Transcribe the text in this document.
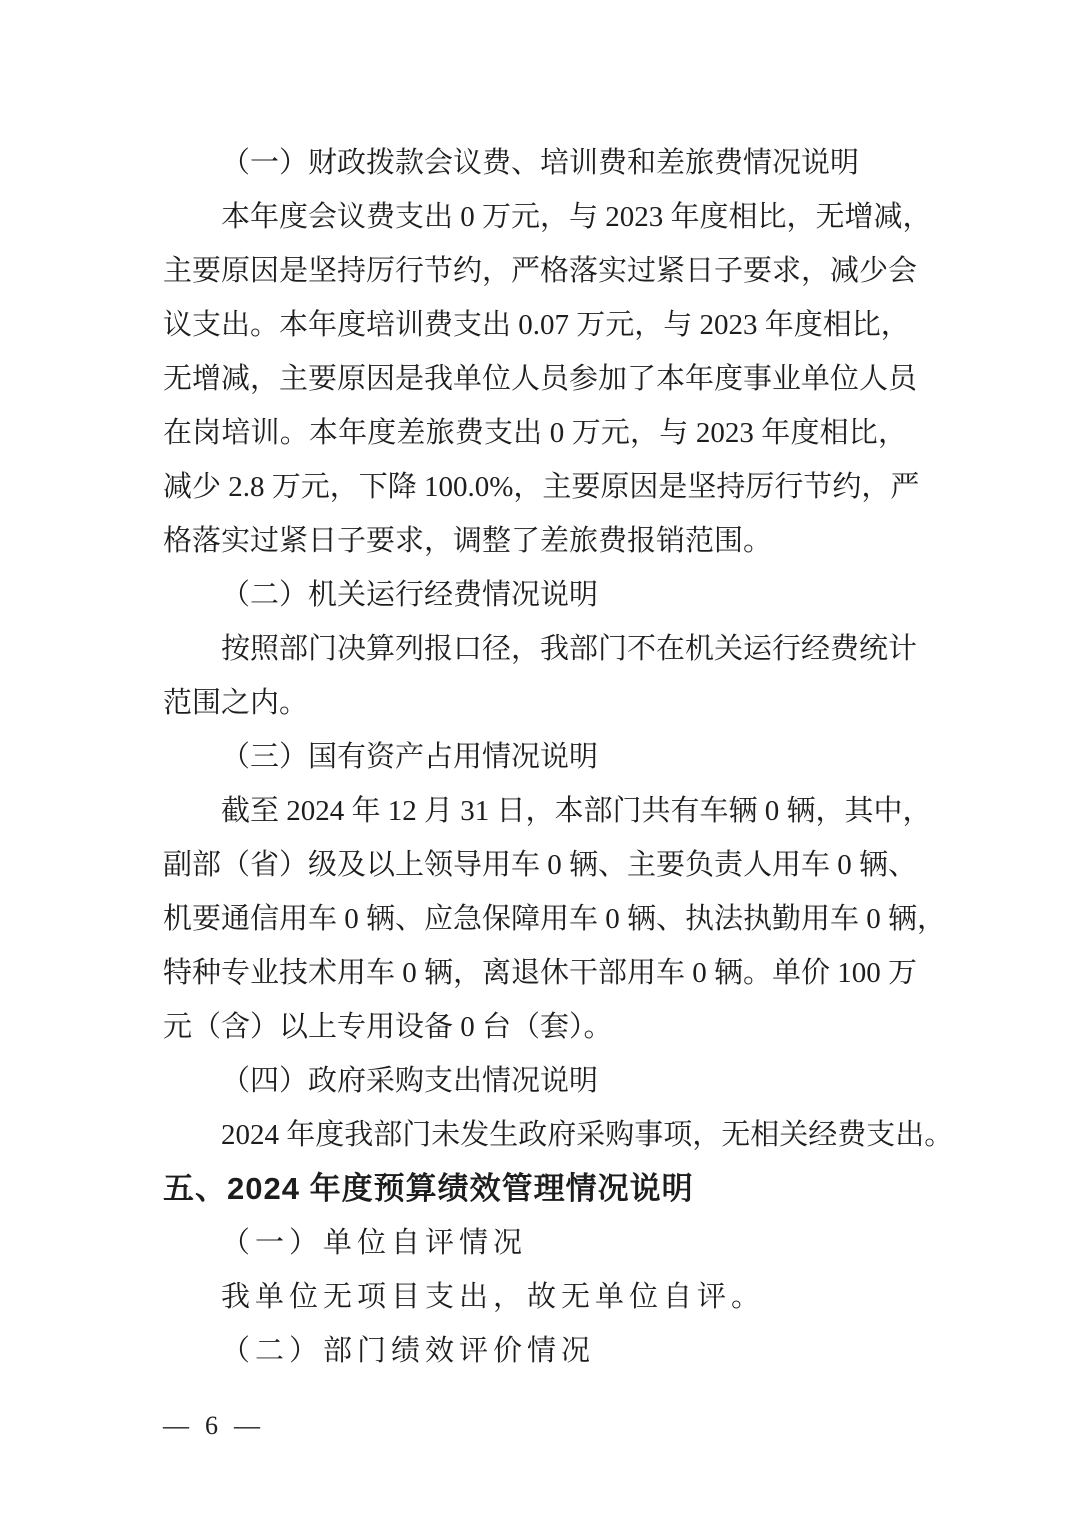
（一）财政拨款会议费、培训费和差旅费情况说明
本年度会议费支出 0 万元，与 2023 年度相比，无增减，
主要原因是坚持厉行节约，严格落实过紧日子要求，减少会
议支出。本年度培训费支出 0.07 万元，与 2023 年度相比，
无增减，主要原因是我单位人员参加了本年度事业单位人员
在岗培训。本年度差旅费支出 0 万元，与 2023 年度相比，
减少 2.8 万元，下降 100.0%，主要原因是坚持厉行节约，严
格落实过紧日子要求，调整了差旅费报销范围。
（二）机关运行经费情况说明
按照部门决算列报口径，我部门不在机关运行经费统计
范围之内。
（三）国有资产占用情况说明
截至 2024 年 12 月 31 日，本部门共有车辆 0 辆，其中，
副部（省）级及以上领导用车 0 辆、主要负责人用车 0 辆、
机要通信用车 0 辆、应急保障用车 0 辆、执法执勤用车 0 辆，
特种专业技术用车 0 辆，离退休干部用车 0 辆。单价 100 万
元（含）以上专用设备 0 台（套）。
（四）政府采购支出情况说明
2024 年度我部门未发生政府采购事项，无相关经费支出。
五、2024 年度预算绩效管理情况说明
（一）单位自评情况
我单位无项目支出，故无单位自评。
（二）部门绩效评价情况
— 6 —
